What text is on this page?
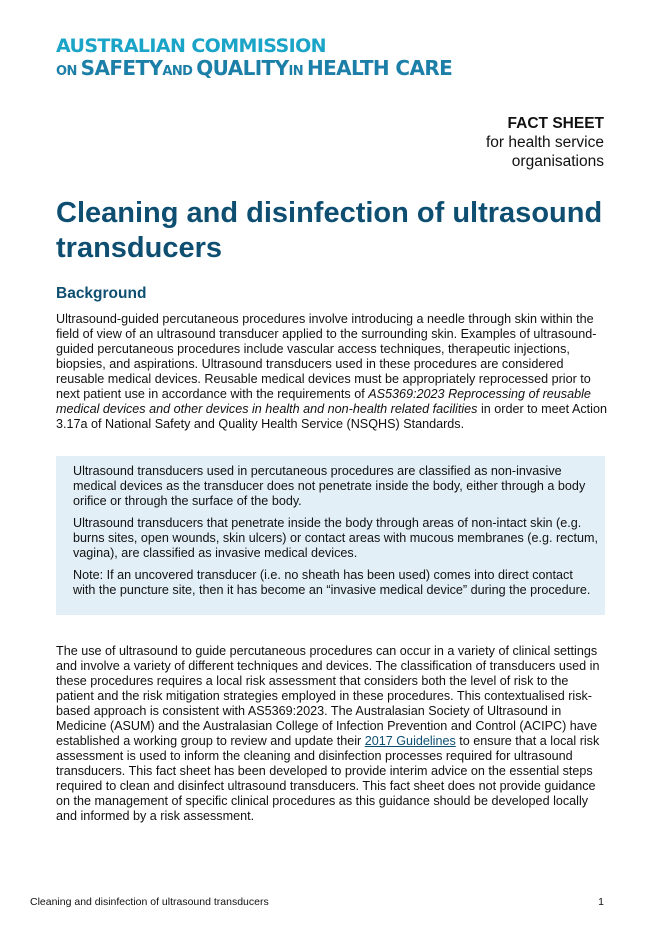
AUSTRALIAN COMMISSION
ON SAFETYAND QUALITYIN HEALTH CARE
FACT SHEET
for health service
organisations
Cleaning and disinfection of ultrasound transducers
Background

Ultrasound-guided percutaneous procedures involve introducing a needle through skin within the field of view of an ultrasound transducer applied to the surrounding skin. Examples of ultrasound-guided percutaneous procedures include vascular access techniques, therapeutic injections, biopsies, and aspirations. Ultrasound transducers used in these procedures are considered reusable medical devices. Reusable medical devices must be appropriately reprocessed prior to next patient use in accordance with the requirements of AS5369:2023 Reprocessing of reusable medical devices and other devices in health and non-health related facilities in order to meet Action 3.17a of National Safety and Quality Health Service (NSQHS) Standards.

Ultrasound transducers used in percutaneous procedures are classified as non-invasive medical devices as the transducer does not penetrate inside the body, either through a body orifice or through the surface of the body.

Ultrasound transducers that penetrate inside the body through areas of non-intact skin (e.g. burns sites, open wounds, skin ulcers) or contact areas with mucous membranes (e.g. rectum, vagina), are classified as invasive medical devices.

Note: If an uncovered transducer (i.e. no sheath has been used) comes into direct contact with the puncture site, then it has become an “invasive medical device” during the procedure.

The use of ultrasound to guide percutaneous procedures can occur in a variety of clinical settings and involve a variety of different techniques and devices. The classification of transducers used in these procedures requires a local risk assessment that considers both the level of risk to the patient and the risk mitigation strategies employed in these procedures. This contextualised risk-based approach is consistent with AS5369:2023. The Australasian Society of Ultrasound in Medicine (ASUM) and the Australasian College of Infection Prevention and Control (ACIPC) have established a working group to review and update their 2017 Guidelines to ensure that a local risk assessment is used to inform the cleaning and disinfection processes required for ultrasound transducers. This fact sheet has been developed to provide interim advice on the essential steps required to clean and disinfect ultrasound transducers. This fact sheet does not provide guidance on the management of specific clinical procedures as this guidance should be developed locally and informed by a risk assessment.

Cleaning and disinfection of ultrasound transducers	1
